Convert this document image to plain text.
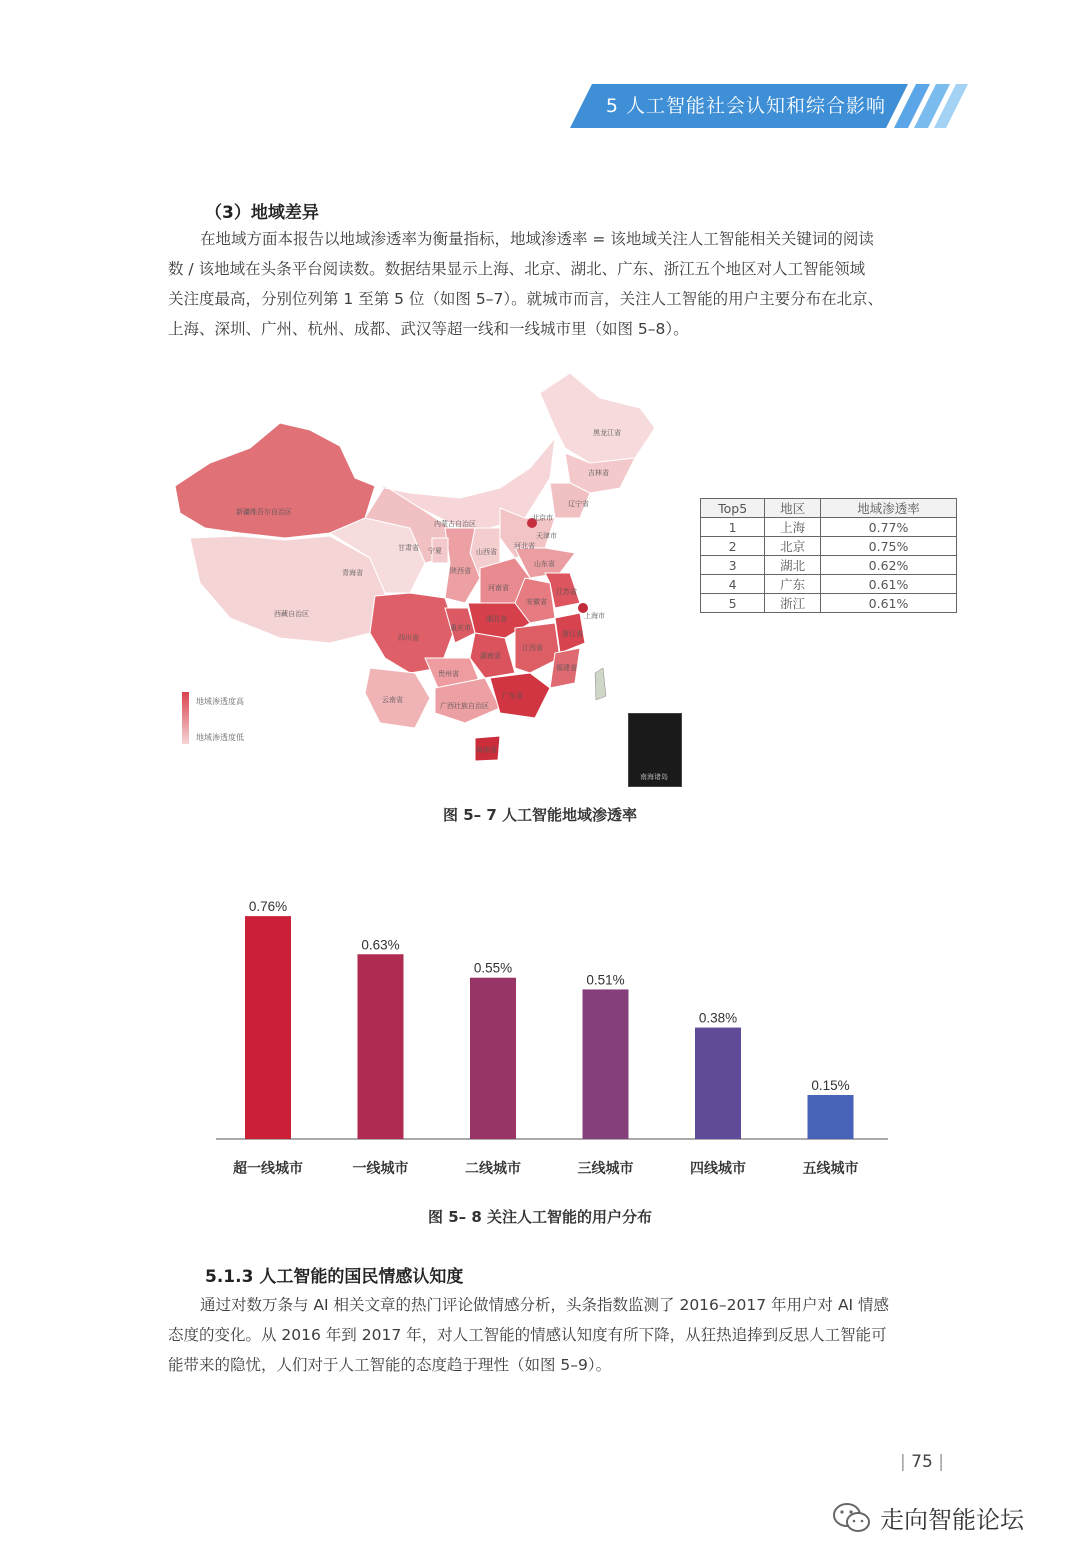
5 人工智能社会认知和综合影响
（3）地域差异

在地域方面本报告以地域渗透率为衡量指标，地域渗透率 = 该地域关注人工智能相关关键词的阅读

数 / 该地域在头条平台阅读数。数据结果显示上海、北京、湖北、广东、浙江五个地区对人工智能领域

关注度最高，分别位列第 1 至第 5 位（如图 5–7）。就城市而言，关注人工智能的用户主要分布在北京、

上海、深圳、广州、杭州、成都、武汉等超一线和一线城市里（如图 5–8）。

黑龙江省
吉林省
辽宁省
内蒙古自治区
北京市
天津市
河北省
山西省
陕西省
宁夏
甘肃省
青海省
新疆维吾尔自治区
西藏自治区
四川省
重庆市
湖北省
河南省
山东省
江苏省
上海市
浙江省
安徽省
湖南省
江西省
福建省
贵州省
云南省
广西壮族自治区
广东省
海南省
地域渗透度高
地域渗透度低
南海诸岛
Top5	地区	地域渗透率
1	上海	0.77%
2	北京	0.75%
3	湖北	0.62%
4	广东	0.61%
5	浙江	0.61%
图 5– 7 人工智能地域渗透率
0.76%
超一线城市
0.63%
一线城市
0.55%
二线城市
0.51%
三线城市
0.38%
四线城市
0.15%
五线城市
图 5– 8 关注人工智能的用户分布
5.1.3 人工智能的国民情感认知度

通过对数万条与 AI 相关文章的热门评论做情感分析，头条指数监测了 2016–2017 年用户对 AI 情感

态度的变化。从 2016 年到 2017 年，对人工智能的情感认知度有所下降，从狂热追捧到反思人工智能可

能带来的隐忧，人们对于人工智能的态度趋于理性（如图 5–9）。

| 75 |
走向智能论坛
